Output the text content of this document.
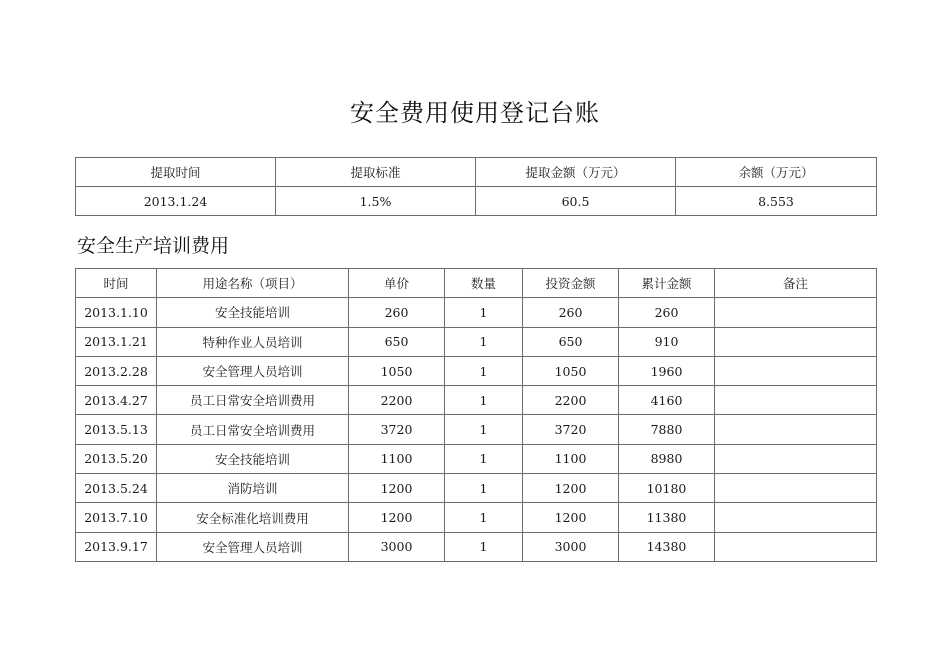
安全费用使用登记台账
提取时间	提取标准	提取金额（万元）	余额（万元）
2013.1.24	1.5%	60.5	8.553
安全生产培训费用
时间	用途名称（项目）	单价	数量	投资金额	累计金额	备注
2013.1.10	安全技能培训	260	1	260	260	
2013.1.21	特种作业人员培训	650	1	650	910	
2013.2.28	安全管理人员培训	1050	1	1050	1960	
2013.4.27	员工日常安全培训费用	2200	1	2200	4160	
2013.5.13	员工日常安全培训费用	3720	1	3720	7880	
2013.5.20	安全技能培训	1100	1	1100	8980	
2013.5.24	消防培训	1200	1	1200	10180	
2013.7.10	安全标准化培训费用	1200	1	1200	11380	
2013.9.17	安全管理人员培训	3000	1	3000	14380	
